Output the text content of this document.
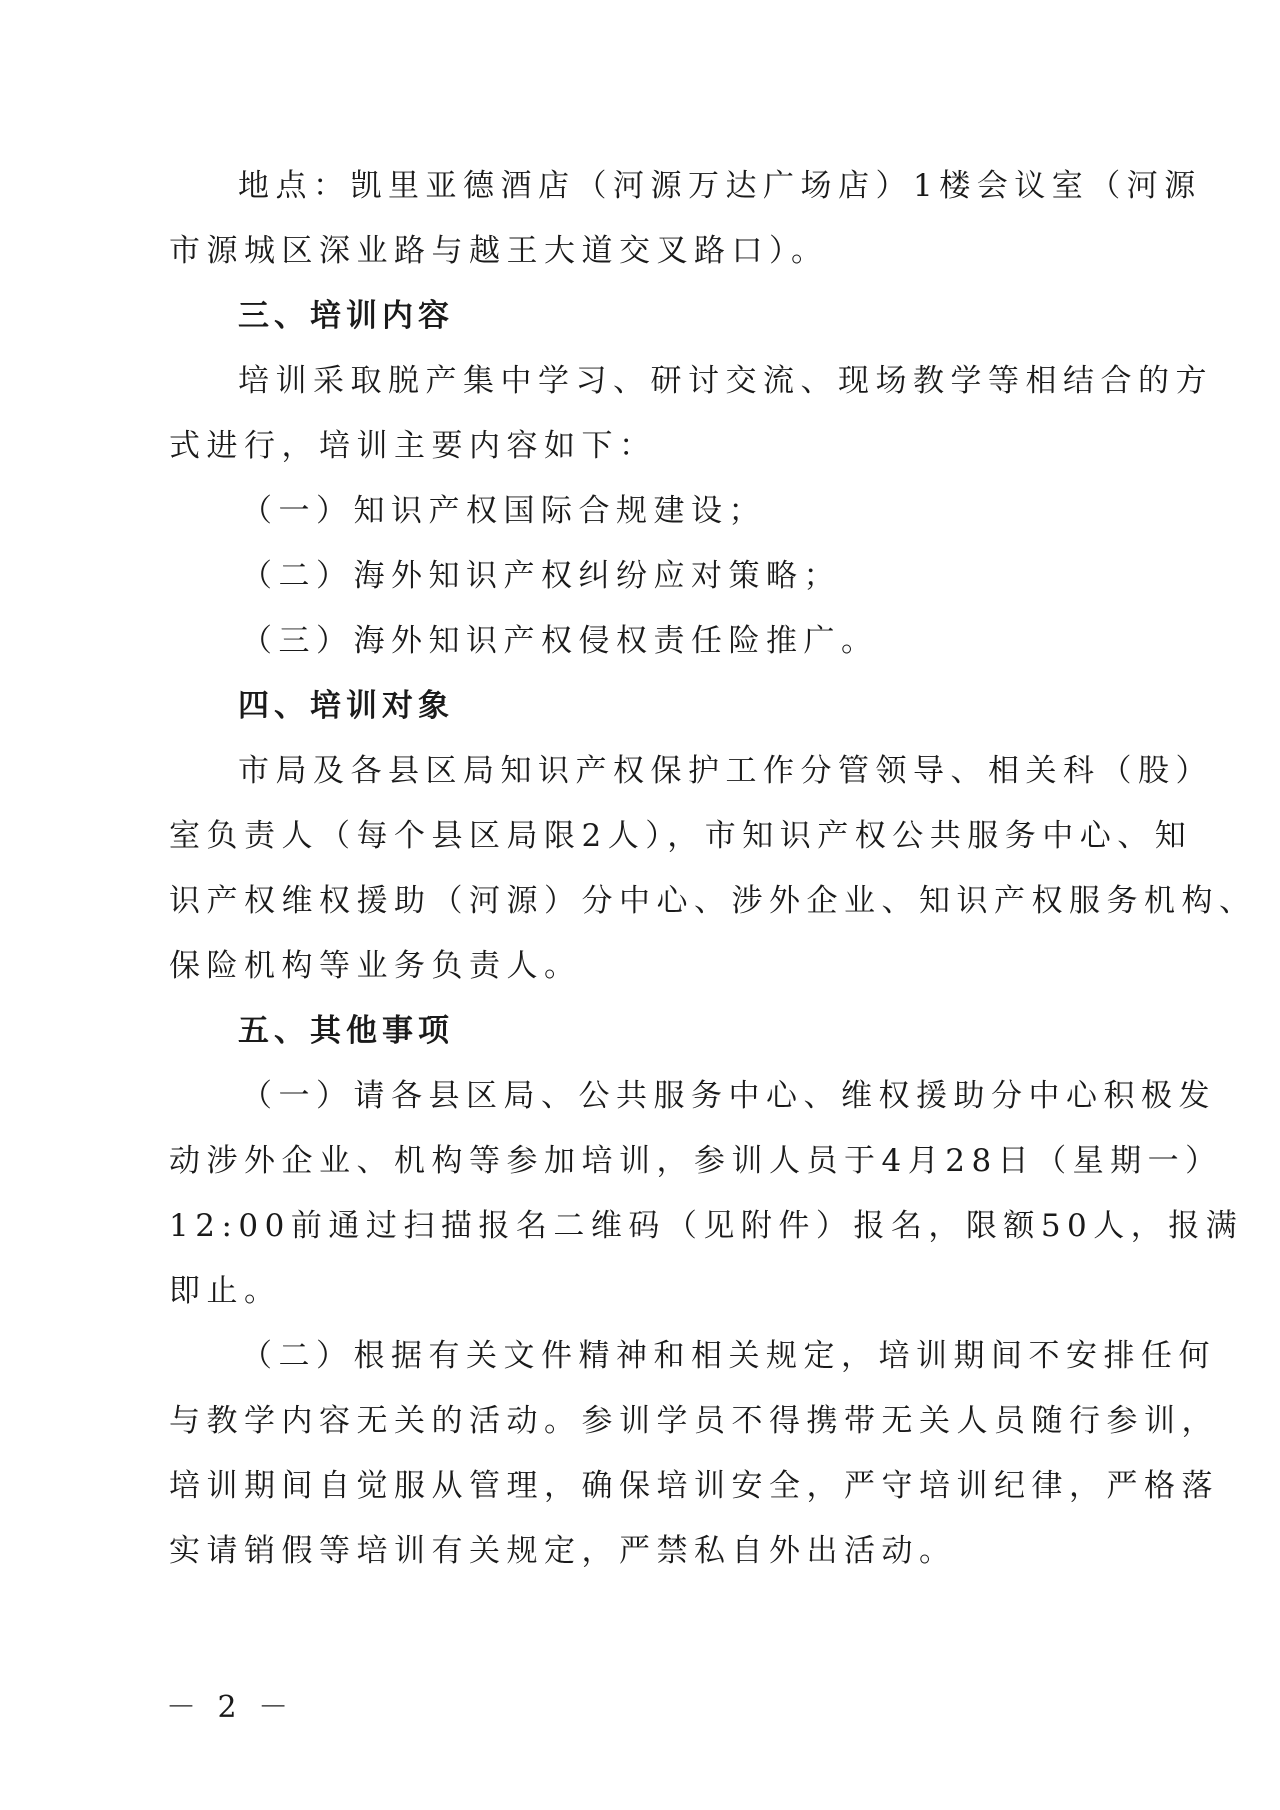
地点：凯里亚德酒店（河源万达广场店）1楼会议室（河源
市源城区深业路与越王大道交叉路口）。
三、培训内容
培训采取脱产集中学习、研讨交流、现场教学等相结合的方
式进行，培训主要内容如下：
（一）知识产权国际合规建设；
（二）海外知识产权纠纷应对策略；
（三）海外知识产权侵权责任险推广。
四、培训对象
市局及各县区局知识产权保护工作分管领导、相关科（股）
室负责人（每个县区局限2人），市知识产权公共服务中心、知
识产权维权援助（河源）分中心、涉外企业、知识产权服务机构、
保险机构等业务负责人。
五、其他事项
（一）请各县区局、公共服务中心、维权援助分中心积极发
动涉外企业、机构等参加培训，参训人员于4月28日（星期一）
12:00前通过扫描报名二维码（见附件）报名，限额50人，报满
即止。
（二）根据有关文件精神和相关规定，培训期间不安排任何
与教学内容无关的活动。参训学员不得携带无关人员随行参训，
培训期间自觉服从管理，确保培训安全，严守培训纪律，严格落
实请销假等培训有关规定，严禁私自外出活动。
－ 2 －
